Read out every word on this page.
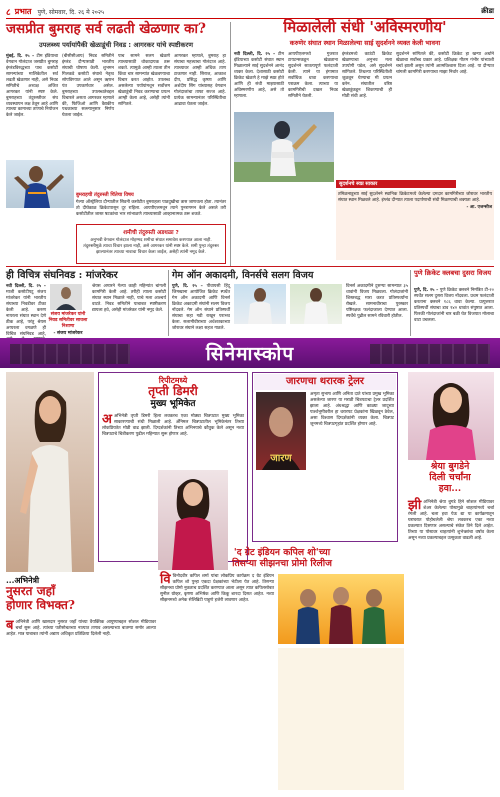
८ प्रभात पुणे, सोमवार, दि. २६ मे २०२५	क्रीडा
जसप्रीत बुमराह सर्व लढती खेळणार का?
उपलब्ध्य पर्यायांपैकी खेळाडूंची निवड : आगरकर यांचे स्पष्टीकरण
मुंबई, दि. २५ – टीम इंडियाचा वेगवान गोलंदाज जसप्रीत बुमराह इंग्लंडविरुद्धच्या पाच कसोटी सामन्यांच्या मालिकेतील सर्व लढती खेळणार नाही, असे निवड समितीचे अध्यक्ष अजित आगरकर यांनी स्पष्ट केले. बुमराहच्या तंदुरुस्तीवर संघ व्यवस्थापन लक्ष ठेवून आहे आणि त्याच्या कामाच्या ताणाचे नियोजन केले जाईल.
(बीसीसीआय) निवड समितीने इंग्लंड दौऱ्यासाठी भारतीय संघाची घोषणा केली. शुभमन गिलकडे कसोटी संघाचे नेतृत्व सोपविण्यात आले असून ऋषभ पंत उपकर्णधार असेल. बुमराहच्या उपलब्धतेबद्दल विचारले असता आगरकर म्हणाले की, फिजिओ आणि वैद्यकीय पथकाच्या सल्ल्यानुसार निर्णय घेतला जाईल.
पाच सामने सलग खेळणे त्याच्यासाठी धोकादायक ठरू शकते. त्यामुळे आम्ही त्याला तीन किंवा चार सामन्यांत खेळवण्याचा विचार करत आहोत. उपलब्ध असलेल्या पर्यायांमधून सर्वोत्तम खेळाडूंची निवड करण्याचा प्रयत्न आम्ही केला आहे, असेही त्यांनी सांगितले.
आगरकर म्हणाले, बुमराह हा संघाचा महत्त्वाचा गोलंदाज आहे. त्याच्यावर आम्ही अधिक ताण टाकणार नाही. सिराज, आकाश दीप, प्रसिद्ध कृष्णा आणि अर्शदीप सिंग यांच्यासह वेगवान गोलंदाजांचा ताफा सज्ज आहे. प्रत्येक सामन्यानंतर परिस्थितीचा आढावा घेतला जाईल.
बुमराहची तंदुरुस्ती चिंतेचा विषय
गेल्या ऑस्ट्रेलिया दौऱ्यातील सिडनी कसोटीत बुमराहला पाठदुखीचा त्रास जाणवला होता. त्यानंतर तो दीर्घकाळ क्रिकेटपासून दूर राहिला. आयपीएलमधून त्याने पुनरागमन केले असले तरी कसोटीतील जास्त षटकांचा भार सांभाळणे त्याच्यासाठी आव्हानात्मक ठरू शकते.
शमीची तंदुरुस्ती अडथळा ?
अनुभवी वेगवान गोलंदाज मोहम्मद शमीचा संघात समावेश करण्यात आला नाही. तंदुरुस्तीमुळे त्याचा विचार झाला नाही, असे आगरकर यांनी स्पष्ट केले. शमी पुन्हा तंदुरुस्त झाल्यानंतर त्याच्या नावाचा विचार केला जाईल, असेही त्यांनी नमूद केले.
मिळालेली संधी 'अविस्मरणीय'
करुणेर संघात स्थान मिळालेल्या साई सुदर्शनने व्यक्त केली भावना
नवी दिल्ली, दि. २५ – टीम इंडियाच्या कसोटी संघात स्थान मिळाल्याने साई सुदर्शनने आनंद व्यक्त केला. देशासाठी कसोटी क्रिकेट खेळणे हे माझे स्वप्न होते आणि ही संधी माझ्यासाठी अविस्मरणीय आहे, असे तो म्हणाला.
आयपीएलमध्ये गुजरात टायटन्सकडून खेळताना सुदर्शनने सातत्यपूर्ण फलंदाजी केली. त्याने या हंगामात सर्वाधिक धावा करण्याचा पराक्रम केला. त्याच्या या कामगिरीची दखल निवड समितीने घेतली.
इंग्लंडमध्ये काउंटी क्रिकेट खेळण्याचा अनुभव मला उपयोगी पडेल, असे सुदर्शनने सांगितले. तिथल्या परिस्थितीशी जुळवून घेण्याचा मी प्रयत्न करेन. संघातील वरिष्ठ खेळाडूंकडून शिकण्याची ही मोठी संधी आहे.
सुदर्शनने सांगितले की, कसोटी क्रिकेट हा खऱ्या अर्थाने खेळाचा सर्वोच्च प्रकार आहे. प्रशिक्षक गौतम गंभीर यांच्याशी चर्चा झाली असून त्यांनी आत्मविश्वास दिला आहे. या दौऱ्यात चांगली कामगिरी करण्याचा माझा निर्धार आहे.
सुदर्शनचे स्वप्न साकार
तमिळनाडूच्या साई सुदर्शनने स्थानिक क्रिकेटमध्ये केलेल्या दमदार कामगिरीच्या जोरावर भारतीय संघात स्थान मिळवले आहे. इंग्लंड दौऱ्यात त्याला पदार्पणाची संधी मिळण्याची शक्यता आहे.
- आ. एजन्सीज
ही विचित्र संघनिवड : मांजरेकर
नवी दिल्ली, दि. २५ – माजी कसोटीपटू संजय मांजरेकर यांनी भारतीय संघाच्या निवडीवर टीका केली आहे. करुण नायरला संघात स्थान देणे ठीक आहे, परंतु श्रेयस अय्यरला वगळणे ही विचित्र संघनिवड आहे,
संजय मांजरेकर यांनी निवड समितीवर साधला निशाणा
- संजय मांजरेकर
श्रेयस अय्यरने गेल्या काही महिन्यांत चांगली कामगिरी केली आहे. तरीही त्याला कसोटी संघात स्थान मिळाले नाही, याचे मला आश्चर्य वाटते. निवड समितीने याबाबत स्पष्टीकरण द्यायला हवे, असेही मांजरेकर यांनी नमूद केले.
गेम ऑन अकादमी, विनर्सचे सलग विजय
पुणे, दि. २५ – पीवायसी हिंदू जिमखाना आयोजित क्रिकेट स्पर्धेत गेम ऑन अकादमी आणि विनर्स क्रिकेट अकादमी संघांनी सलग विजय नोंदवले. गेम ऑन संघाने प्रतिस्पर्धी संघाचा सहा गडी राखून पराभव केला. सलामीवीराच्या अर्धशतकाच्या जोरावर संघाने लक्ष्य सहज गाठले.
विनर्स अकादमीने दुसऱ्या सामन्यात ३५ धावांनी विजय मिळवला. गोलंदाजांनी शिस्तबद्ध मारा करत प्रतिस्पर्ध्यांना रोखले. सामनावीराचा पुरस्कार यष्टिरक्षक फलंदाजाला देण्यात आला. स्पर्धेचे पुढील सामने रविवारी होतील.
पुणे क्रिकेट क्लबचा दुसरा विजय
पुणे, दि. २५ – पुणे क्रिकेट क्लबने निमंत्रित टी-२० स्पर्धेत सलग दुसरा विजय नोंदवला. प्रथम फलंदाजी करताना क्लबने १८६ धावा केल्या. प्रत्युत्तरात प्रतिस्पर्धी संघाचा डाव १४२ धावांत संपुष्टात आला. फिरकी गोलंदाजांनी चार बळी घेत विजयात मोलाचा वाटा उचलला.
सिनेमास्कोप
रिपीटमध्ये
तृप्ती डिमरी
मुख्य भूमिकेत
अ अभिनेत्री तृप्ती डिमरी हिला लवकरच एका मोठ्या चित्रपटात मुख्य भूमिका साकारण्याची संधी मिळाली आहे. अ‍ॅनिमल चित्रपटातील भूमिकेनंतर तिच्या लोकप्रियतेत मोठी वाढ झाली. दिग्दर्शकांनी तिच्या अभिनयाचे कौतुक केले असून नव्या चित्रपटाचे चित्रीकरण पुढील महिन्यात सुरू होणार आहे.
...अभिनेत्री
नुसरत जहाँ
होणार विभक्त?
ब अभिनेत्री आणि खासदार नुसरत जहाँ यांच्या वैयक्तिक आयुष्याबद्दल सोशल मीडियावर चर्चा सुरू आहे. त्यांच्या पतीसोबतच्या नात्यात तणाव असल्याच्या बातम्या समोर आल्या आहेत. मात्र याबाबत त्यांनी अद्याप अधिकृत प्रतिक्रिया दिलेली नाही.
जारणचा थरारक ट्रेलर
जारण
अमृता सुभाष आणि अनिता दाते यांच्या प्रमुख भूमिका असलेल्या जारण या मराठी चित्रपटाचा ट्रेलर प्रदर्शित झाला आहे. अंधश्रद्धा आणि काळ्या जादूच्या पार्श्वभूमीवरील हा थरारपट प्रेक्षकांना खिळवून ठेवेल, असा विश्वास दिग्दर्शकांनी व्यक्त केला. चित्रपट जूनमध्ये चित्रपटगृहांत प्रदर्शित होणार आहे.
'द ग्रेट इंडियन कपिल शो'च्या
तिसऱ्या सीझनचा प्रोमो रिलीज
वि विनोदवीर कपिल शर्मा यांचा लोकप्रिय कार्यक्रम द ग्रेट इंडियन कपिल शो पुन्हा एकदा प्रेक्षकांच्या भेटीला येत आहे. तिसऱ्या सीझनचा प्रोमो नुकताच प्रदर्शित करण्यात आला असून त्यात कपिलसोबत सुनील ग्रोव्हर, कृष्णा अभिषेक आणि किकू शारदा दिसत आहेत. नव्या सीझनमध्ये अनेक सेलिब्रिटी पाहुणे हजेरी लावणार आहेत.
श्रेया बुगडेने
दिली चर्चांना
हवा...
झी अभिनेत्री श्रेया बुगडे हिने सोशल मीडियावर शेअर केलेल्या पोस्टमुळे चाहत्यांमध्ये चर्चा रंगली आहे. चला हवा येऊ द्या या कार्यक्रमातून घराघरात पोहोचलेली श्रेया लवकरच एका नव्या प्रकल्पात दिसणार असल्याचे संकेत तिने दिले आहेत. तिच्या या पोस्टवर चाहत्यांनी शुभेच्छांचा वर्षाव केला असून नव्या प्रकल्पाबद्दल उत्सुकता वाढली आहे.
